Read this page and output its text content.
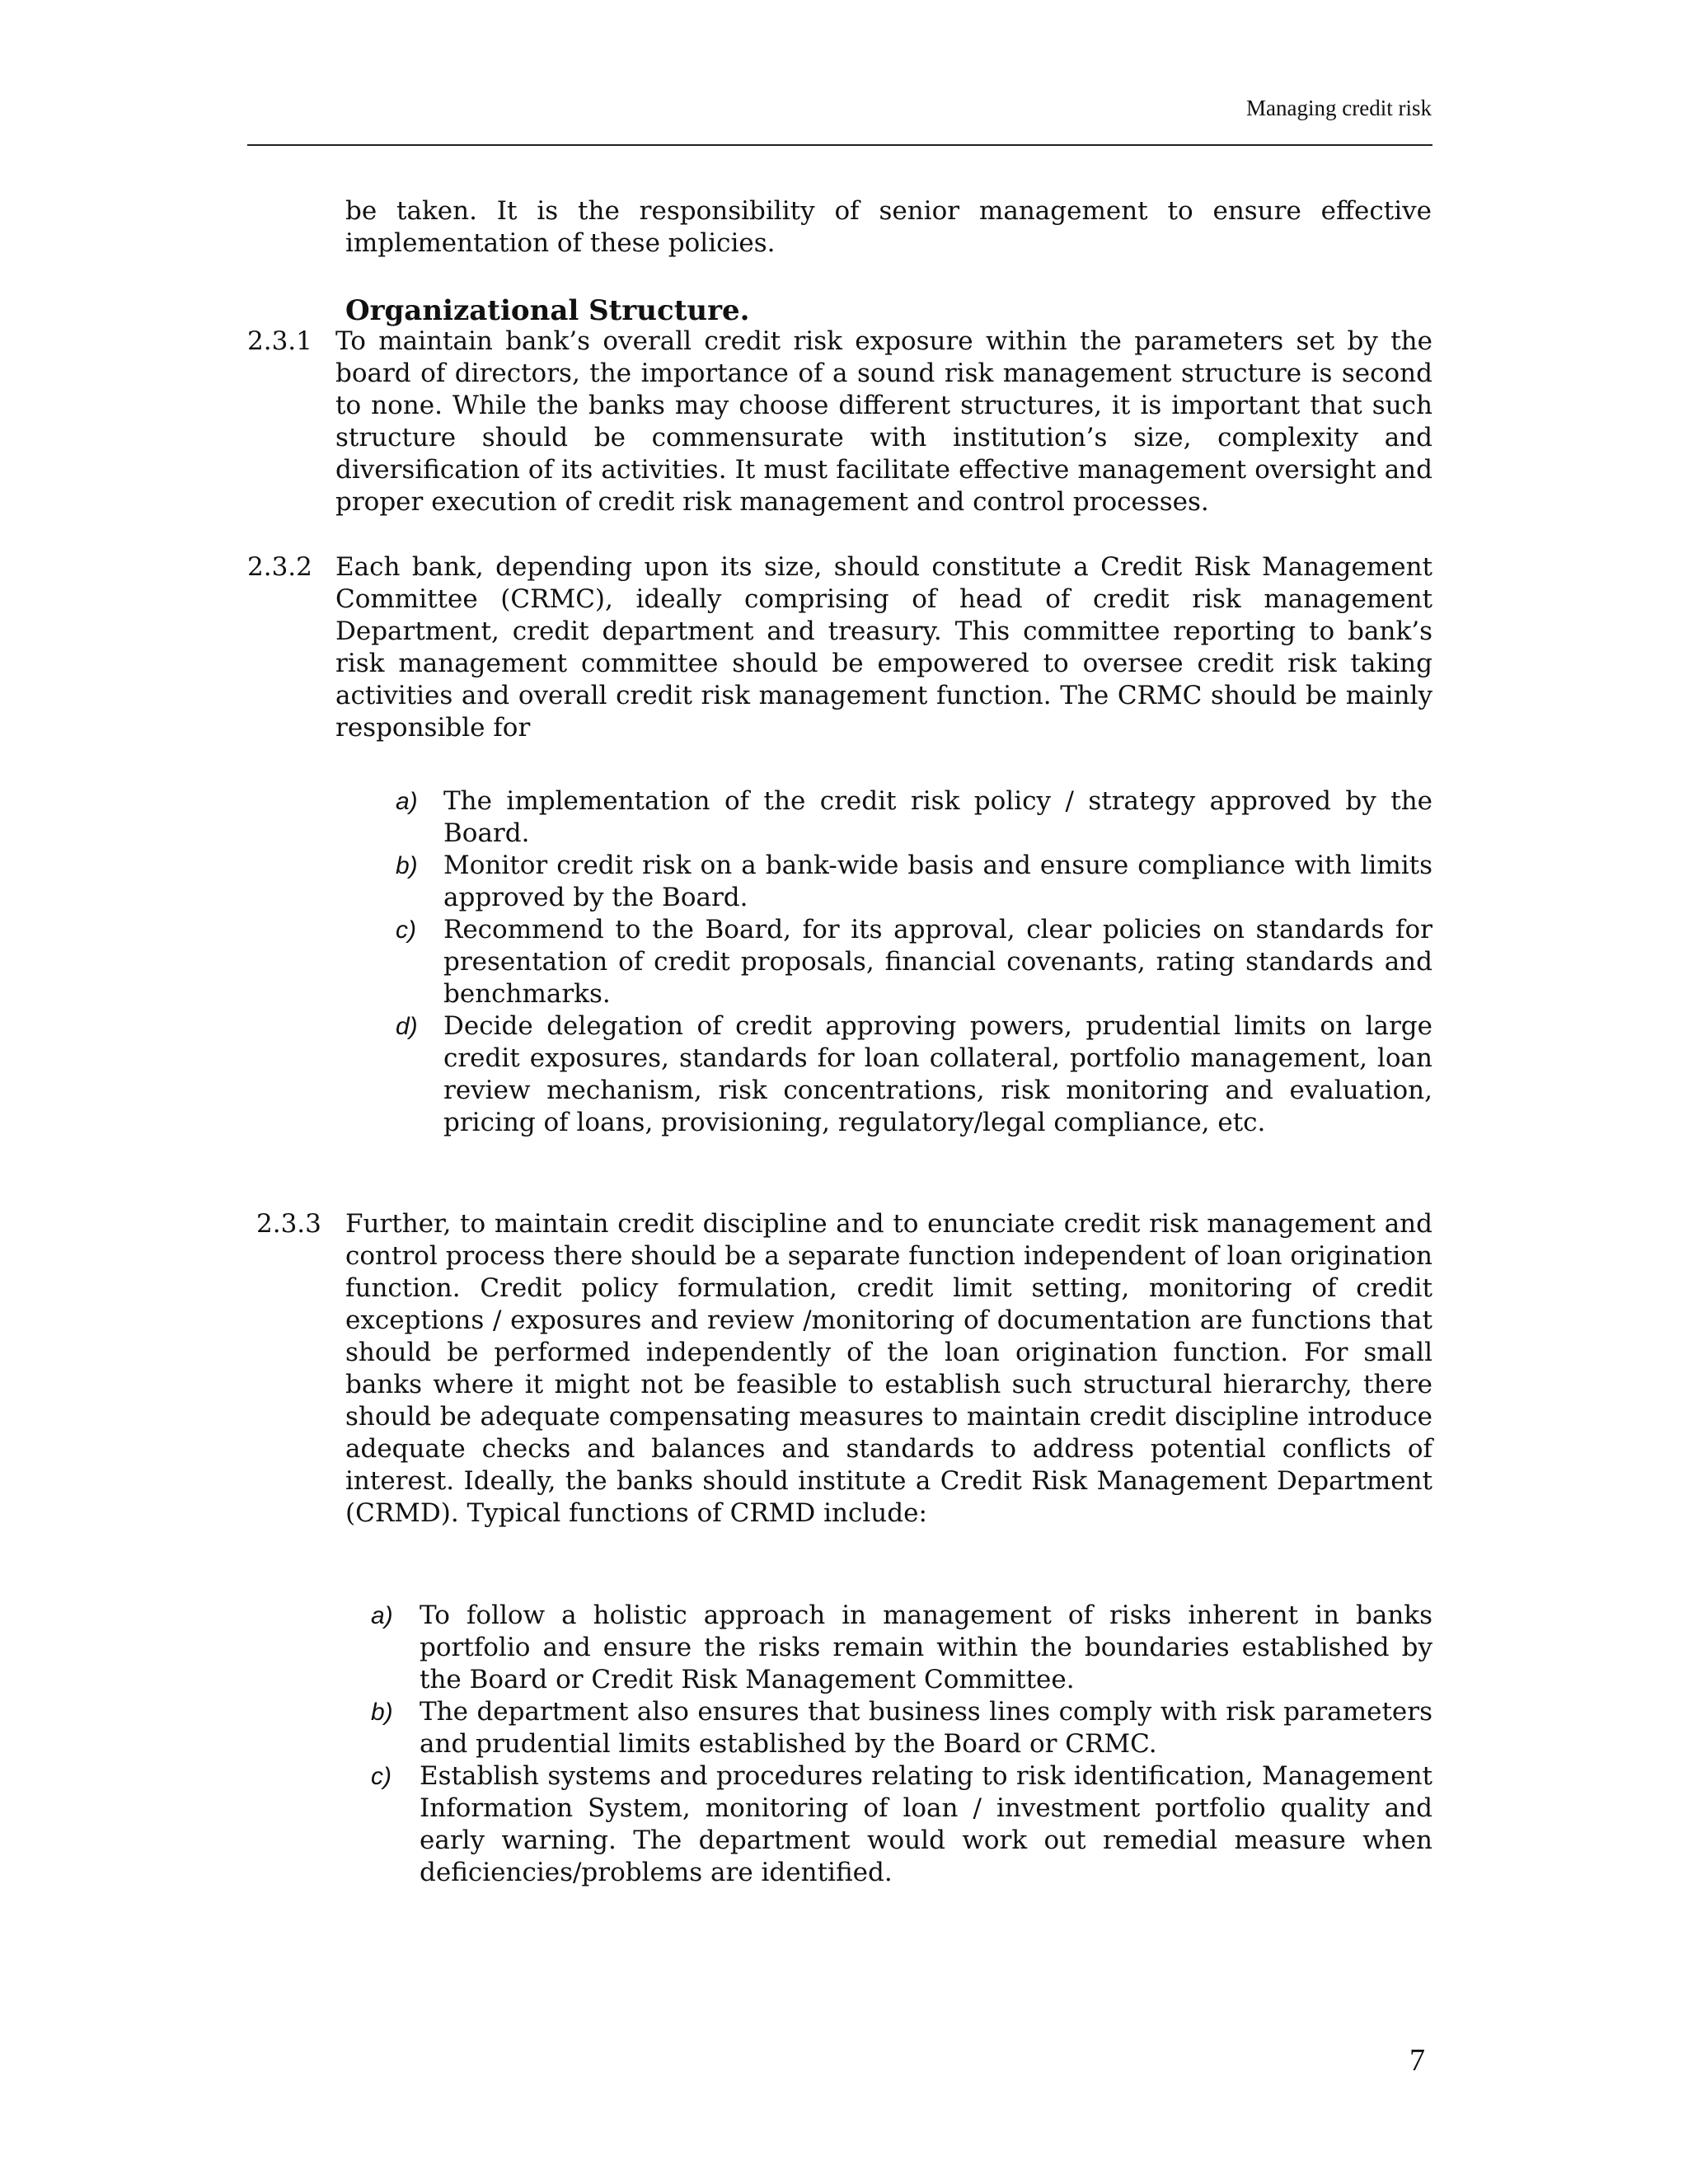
Managing credit risk
be taken. It is the responsibility of senior management to ensure effective implementation of these policies.
Organizational Structure.
2.3.1 To maintain bank’s overall credit risk exposure within the parameters set by the board of directors, the importance of a sound risk management structure is second to none. While the banks may choose different structures, it is important that such structure should be commensurate with institution’s size, complexity and diversification of its activities. It must facilitate effective management oversight and proper execution of credit risk management and control processes.
2.3.2 Each bank, depending upon its size, should constitute a Credit Risk Management Committee (CRMC), ideally comprising of head of credit risk management Department, credit department and treasury. This committee reporting to bank’s risk management committee should be empowered to oversee credit risk taking activities and overall credit risk management function. The CRMC should be mainly responsible for
a) The implementation of the credit risk policy / strategy approved by the Board.
b) Monitor credit risk on a bank-wide basis and ensure compliance with limits approved by the Board.
c) Recommend to the Board, for its approval, clear policies on standards for presentation of credit proposals, financial covenants, rating standards and benchmarks.
d) Decide delegation of credit approving powers, prudential limits on large credit exposures, standards for loan collateral, portfolio management, loan review mechanism, risk concentrations, risk monitoring and evaluation, pricing of loans, provisioning, regulatory/legal compliance, etc.
2.3.3 Further, to maintain credit discipline and to enunciate credit risk management and control process there should be a separate function independent of loan origination function. Credit policy formulation, credit limit setting, monitoring of credit exceptions / exposures and review /monitoring of documentation are functions that should be performed independently of the loan origination function. For small banks where it might not be feasible to establish such structural hierarchy, there should be adequate compensating measures to maintain credit discipline introduce adequate checks and balances and standards to address potential conflicts of interest. Ideally, the banks should institute a Credit Risk Management Department (CRMD). Typical functions of CRMD include:
a) To follow a holistic approach in management of risks inherent in banks portfolio and ensure the risks remain within the boundaries established by the Board or Credit Risk Management Committee.
b) The department also ensures that business lines comply with risk parameters and prudential limits established by the Board or CRMC.
c) Establish systems and procedures relating to risk identification, Management Information System, monitoring of loan / investment portfolio quality and early warning. The department would work out remedial measure when deficiencies/problems are identified.
7
